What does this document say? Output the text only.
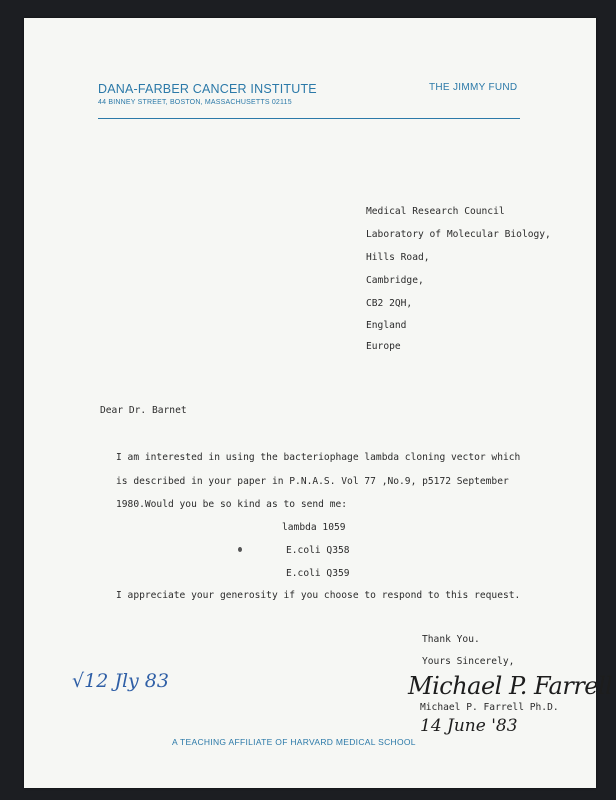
DANA-FARBER CANCER INSTITUTE
44 BINNEY STREET, BOSTON, MASSACHUSETTS 02115
THE JIMMY FUND
Medical Research Council
Laboratory of Molecular Biology,
Hills Road,
Cambridge,
CB2 2QH,
England
Europe
Dear Dr. Barnet
I am interested in using the bacteriophage lambda cloning vector which
is described in your paper in P.N.A.S. Vol 77 ,No.9, p5172 September
1980.Would you be so kind as to send me:
lambda 1059
E.coli Q358
E.coli Q359
I appreciate your generosity if you choose to respond to this request.
Thank You.
Yours Sincerely,
Michael P. Farrell
Michael P. Farrell Ph.D.
14 June '83
√12 Jly 83
A TEACHING AFFILIATE OF HARVARD MEDICAL SCHOOL
